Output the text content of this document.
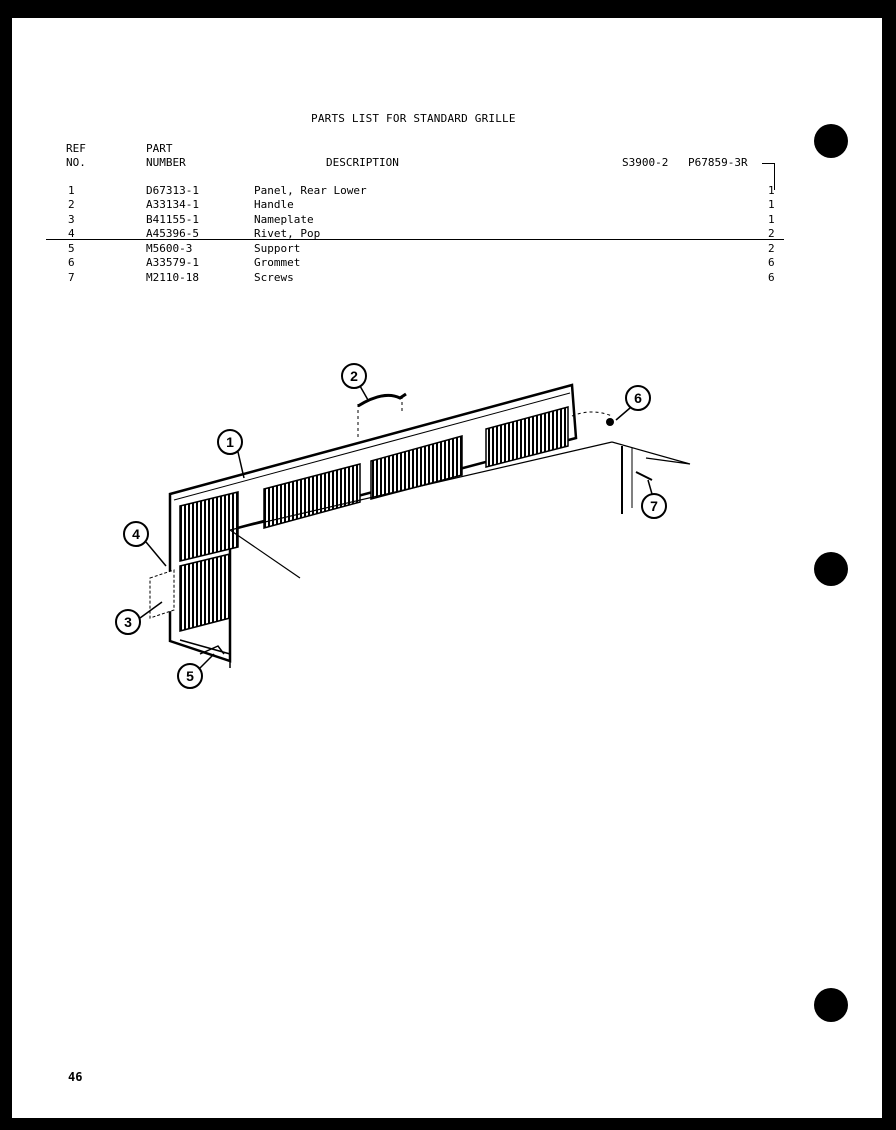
PARTS LIST FOR STANDARD GRILLE
REF
NO.
PART
NUMBER	DESCRIPTION	S3900-2 P67859-3R
1	D67313-1	Panel, Rear Lower	1
2	A33134-1	Handle	1
3	B41155-1	Nameplate	1
4	A45396-5	Rivet, Pop	2
5	M5600-3	Support	2
6	A33579-1	Grommet	6
7	M2110-18	Screws	6
1
2
3
4
5
6
7
46
